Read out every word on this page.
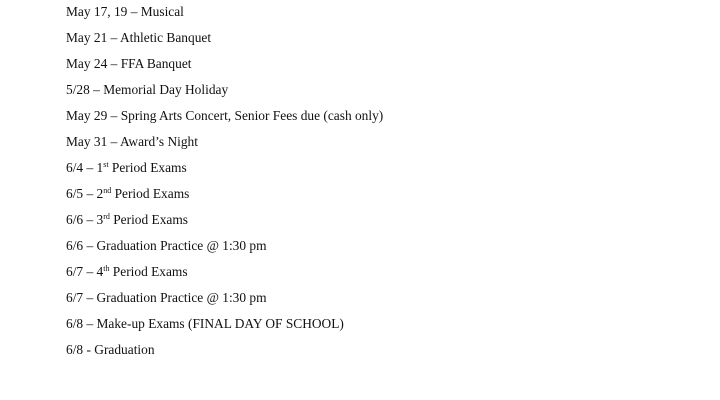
May 17, 19 – Musical
May 21 – Athletic Banquet
May 24 – FFA Banquet
5/28 – Memorial Day Holiday
May 29 – Spring Arts Concert, Senior Fees due (cash only)
May 31 – Award’s Night
6/4 – 1st Period Exams
6/5 – 2nd Period Exams
6/6 – 3rd Period Exams
6/6 – Graduation Practice @ 1:30 pm
6/7 – 4th Period Exams
6/7 – Graduation Practice @ 1:30 pm
6/8 – Make-up Exams (FINAL DAY OF SCHOOL)
6/8 - Graduation
